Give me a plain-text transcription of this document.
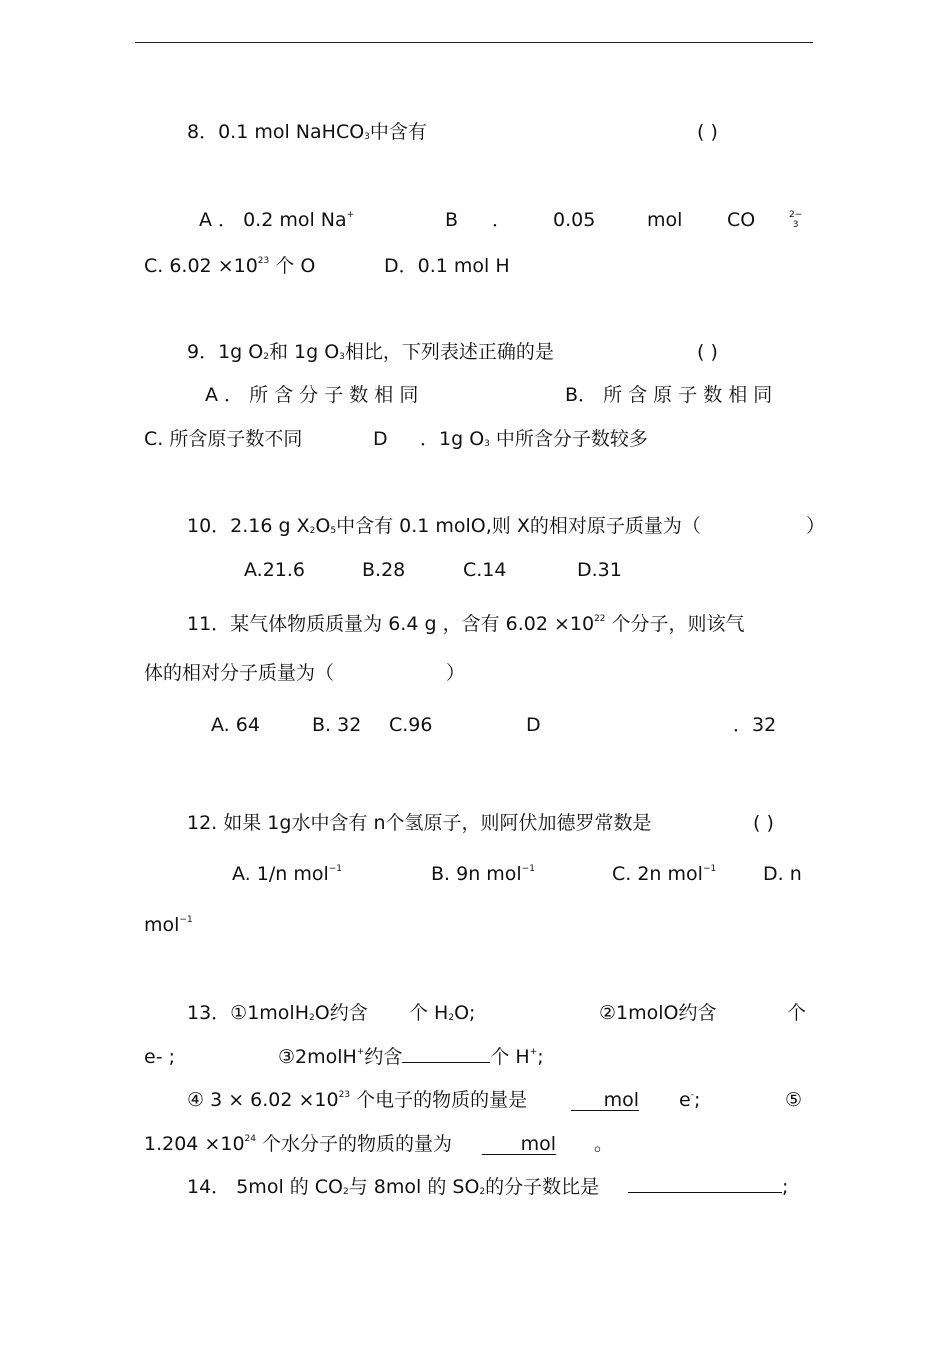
8．0.1 mol NaHCO$_3$中含有	( )
A ． 0.2 mol Na+	B ． 0.05	mol CO	2−
3
C. $6.02 \times 10^{23}$ 个 O	D．0.1 mol H
9．1g $O_2$和 1g $O_3$相比，下列表述正确的是	( )
A ． 所 含 分 子 数 相 同	B． 所 含 原 子 数 相 同
C. 所含原子数不同	D ．1g $O_3$ 中所含分子数较多
10．2.16 g $X_2O_5$中含有 0.1 molO,则 X的相对原子质量为（	）
A.21.6	B.28	C.14	D.31
11．某气体物质质量为 6.4 g ，含有 $6.02 \times 10^{22}$ 个分子，则该气
体的相对分子质量为（	）
A. 64	B. 32 C.96	D	．32
12. 如果 1g水中含有 n个氢原子，则阿伏加德罗常数是	( )
A. 1/n mol$^{-1}$	B. 9n mol$^{-1}$	C. 2n mol$^{-1}$ D. n
mol$^{-1}$
13．①1molH$_2$O约含 个 $H_2O$;	②1molO约含	个
e- ;	③2molH+约含	个 H+;
④ $3 \times 6.02 \times 10^{23}$ 个电子的物质的量是	mol e-;	⑤
$1.204 \times 10^{24}$ 个水分子的物质的量为	mol 。
14． 5mol 的 $CO_2$与 8mol 的 $SO_2$的分子数比是	;
